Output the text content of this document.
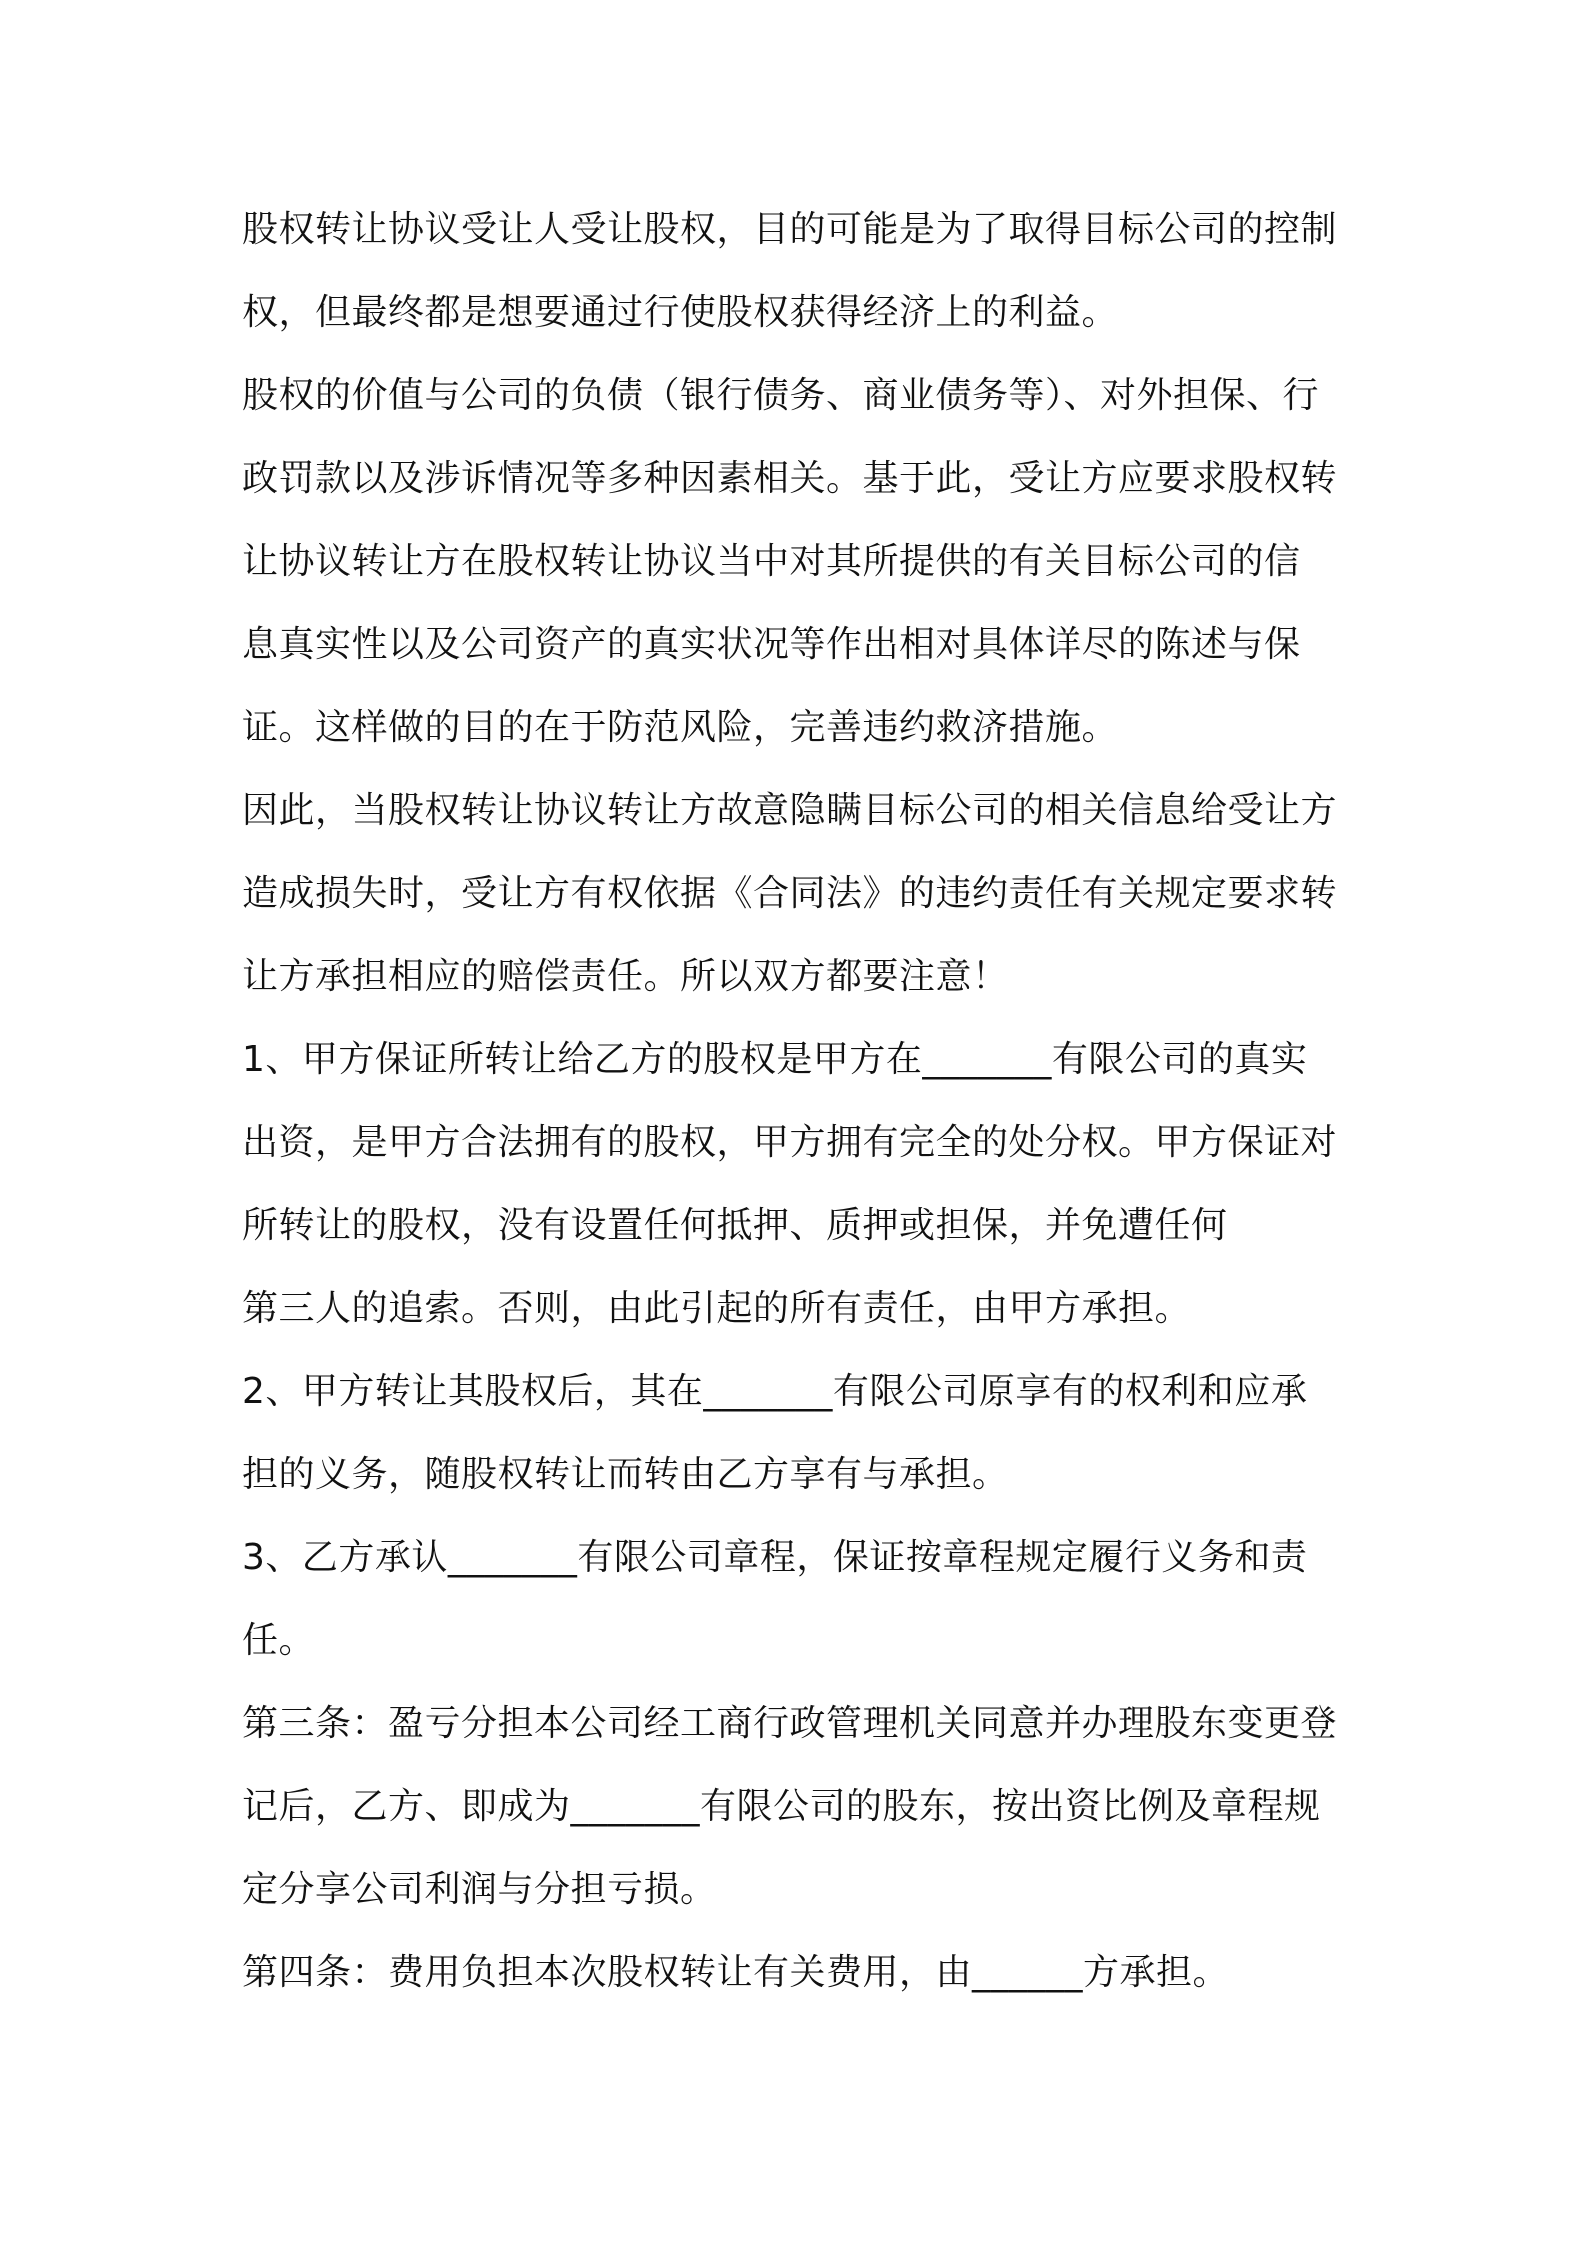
股权转让协议受让人受让股权，目的可能是为了取得目标公司的控制
权，但最终都是想要通过行使股权获得经济上的利益。
股权的价值与公司的负债（银行债务、商业债务等）、对外担保、行
政罚款以及涉诉情况等多种因素相关。基于此，受让方应要求股权转
让协议转让方在股权转让协议当中对其所提供的有关目标公司的信
息真实性以及公司资产的真实状况等作出相对具体详尽的陈述与保
证。这样做的目的在于防范风险，完善违约救济措施。
因此，当股权转让协议转让方故意隐瞒目标公司的相关信息给受让方
造成损失时，受让方有权依据《合同法》的违约责任有关规定要求转
让方承担相应的赔偿责任。所以双方都要注意！
1、甲方保证所转让给乙方的股权是甲方在_______有限公司的真实
出资，是甲方合法拥有的股权，甲方拥有完全的处分权。甲方保证对
所转让的股权，没有设置任何抵押、质押或担保，并免遭任何
第三人的追索。否则，由此引起的所有责任，由甲方承担。
2、甲方转让其股权后，其在_______有限公司原享有的权利和应承
担的义务，随股权转让而转由乙方享有与承担。
3、乙方承认_______有限公司章程，保证按章程规定履行义务和责
任。
第三条：盈亏分担本公司经工商行政管理机关同意并办理股东变更登
记后，乙方、即成为_______有限公司的股东，按出资比例及章程规
定分享公司利润与分担亏损。
第四条：费用负担本次股权转让有关费用，由______方承担。
